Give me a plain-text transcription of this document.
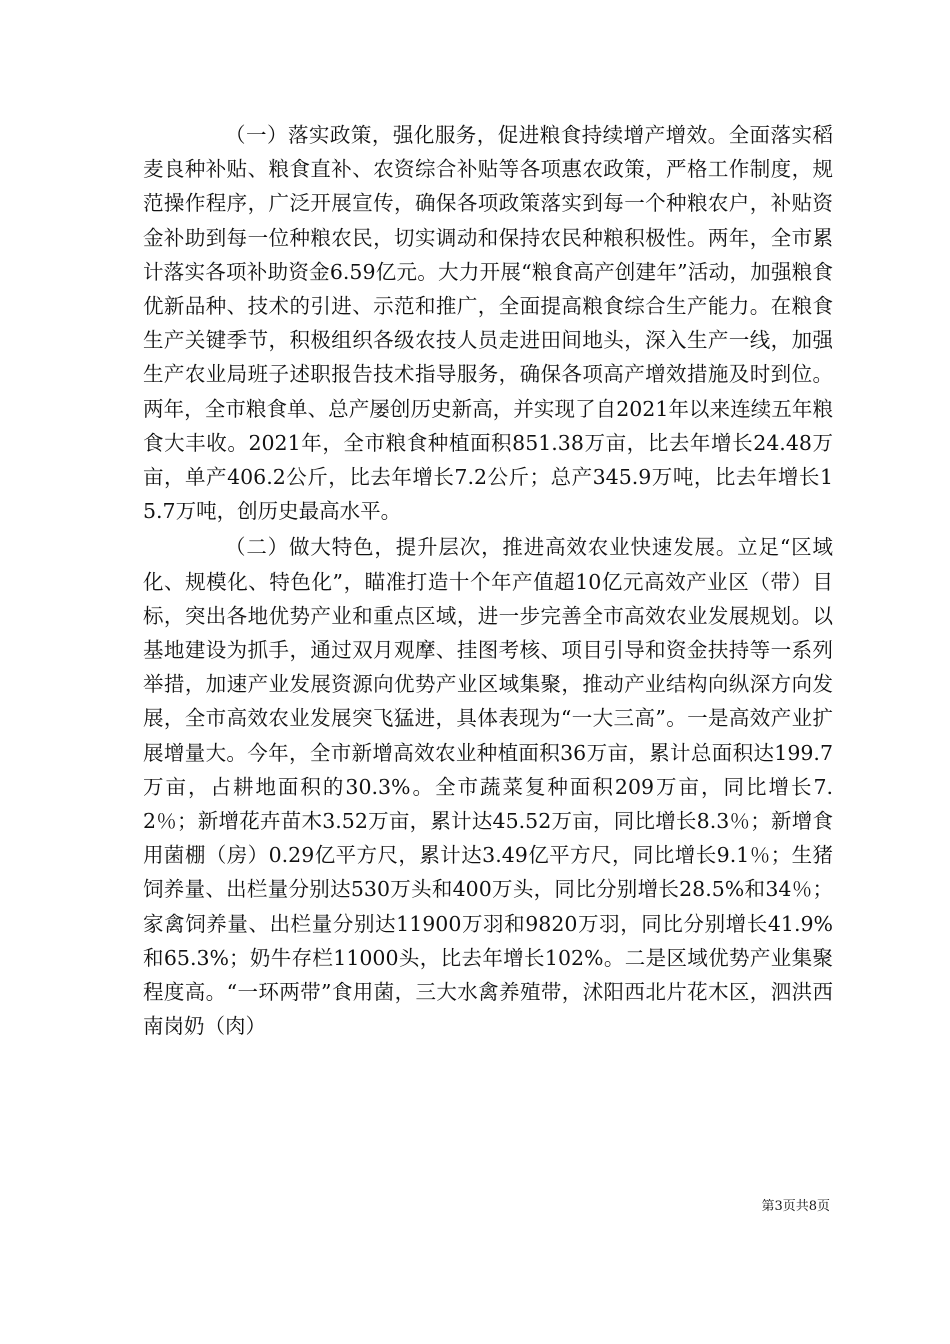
（一）落实政策，强化服务，促进粮食持续增产增效。全面落实稻麦良种补贴、粮食直补、农资综合补贴等各项惠农政策，严格工作制度，规范操作程序，广泛开展宣传，确保各项政策落实到每一个种粮农户，补贴资金补助到每一位种粮农民，切实调动和保持农民种粮积极性。两年，全市累计落实各项补助资金6.59亿元。大力开展“粮食高产创建年”活动，加强粮食优新品种、技术的引进、示范和推广，全面提高粮食综合生产能力。在粮食生产关键季节，积极组织各级农技人员走进田间地头，深入生产一线，加强生产农业局班子述职报告技术指导服务，确保各项高产增效措施及时到位。两年，全市粮食单、总产屡创历史新高，并实现了自2021年以来连续五年粮食大丰收。2021年，全市粮食种植面积851.38万亩，比去年增长24.48万亩，单产406.2公斤，比去年增长7.2公斤；总产345.9万吨，比去年增长15.7万吨，创历史最高水平。

（二）做大特色，提升层次，推进高效农业快速发展。立足“区域化、规模化、特色化”，瞄准打造十个年产值超10亿元高效产业区（带）目标，突出各地优势产业和重点区域，进一步完善全市高效农业发展规划。以基地建设为抓手，通过双月观摩、挂图考核、项目引导和资金扶持等一系列举措，加速产业发展资源向优势产业区域集聚，推动产业结构向纵深方向发展，全市高效农业发展突飞猛进，具体表现为“一大三高”。一是高效产业扩展增量大。今年，全市新增高效农业种植面积36万亩，累计总面积达199.7万亩，占耕地面积的30.3%。全市蔬菜复种面积209万亩，同比增长7.2％；新增花卉苗木3.52万亩，累计达45.52万亩，同比增长8.3％；新增食用菌棚（房）0.29亿平方尺，累计达3.49亿平方尺，同比增长9.1％；生猪饲养量、出栏量分别达530万头和400万头，同比分别增长28.5%和34％；家禽饲养量、出栏量分别达11900万羽和9820万羽，同比分别增长41.9%和65.3%；奶牛存栏11000头，比去年增长102%。二是区域优势产业集聚程度高。“一环两带”食用菌，三大水禽养殖带，沭阳西北片花木区，泗洪西南岗奶（肉）

第3页共8页
